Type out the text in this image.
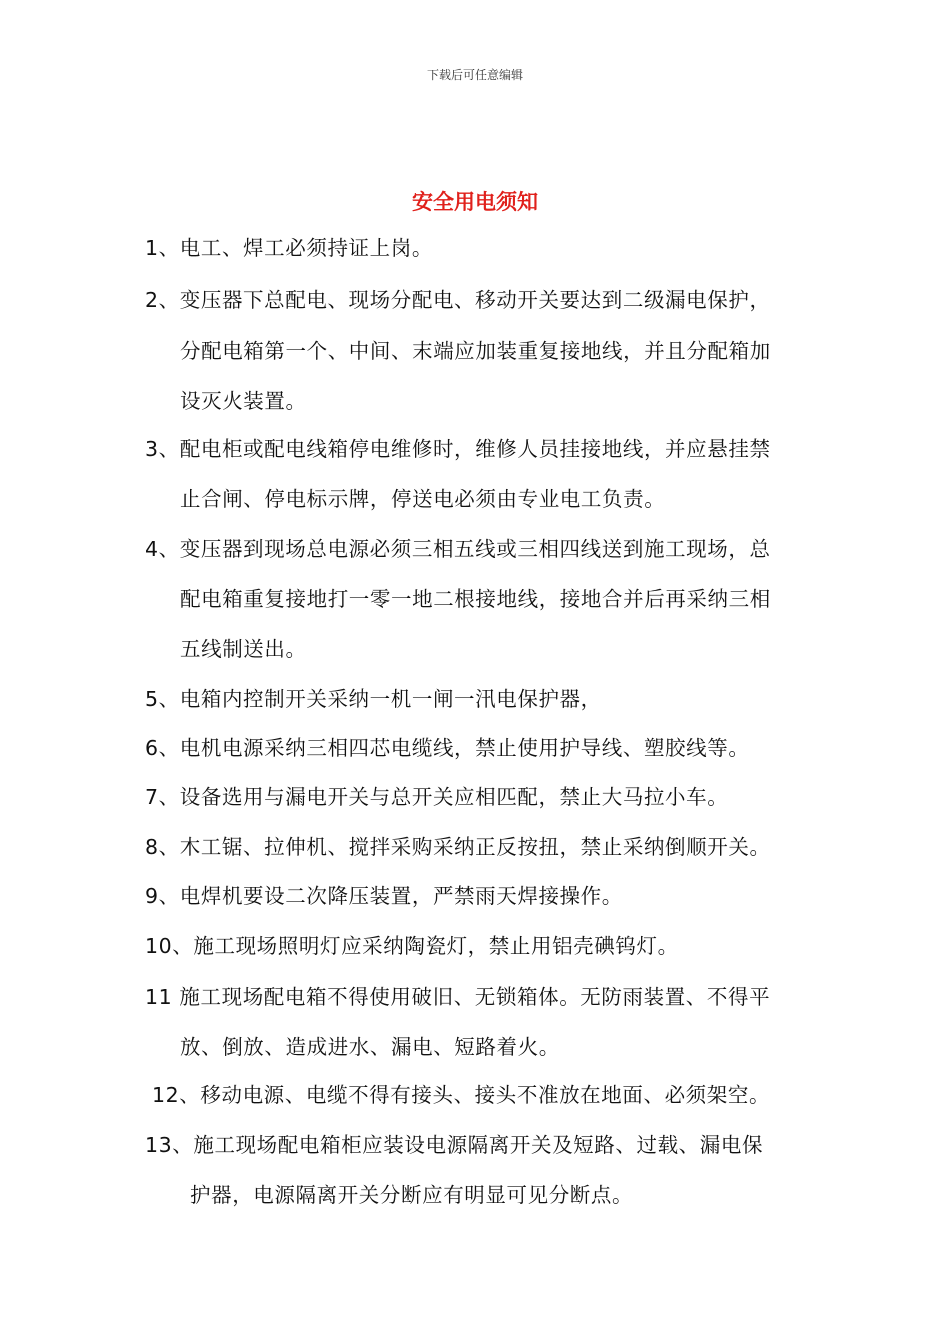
下载后可任意编辑
安全用电须知
1、电工、焊工必须持证上岗。
2、变压器下总配电、现场分配电、移动开关要达到二级漏电保护，
分配电箱第一个、中间、末端应加装重复接地线，并且分配箱加
设灭火装置。
3、配电柜或配电线箱停电维修时，维修人员挂接地线，并应悬挂禁
止合闸、停电标示牌，停送电必须由专业电工负责。
4、变压器到现场总电源必须三相五线或三相四线送到施工现场，总
配电箱重复接地打一零一地二根接地线，接地合并后再采纳三相
五线制送出。
5、电箱内控制开关采纳一机一闸一汛电保护器，
6、电机电源采纳三相四芯电缆线，禁止使用护导线、塑胶线等。
7、设备选用与漏电开关与总开关应相匹配，禁止大马拉小车。
8、木工锯、拉伸机、搅拌采购采纳正反按扭，禁止采纳倒顺开关。
9、电焊机要设二次降压装置，严禁雨天焊接操作。
10、施工现场照明灯应采纳陶瓷灯，禁止用铝壳碘钨灯。
11 施工现场配电箱不得使用破旧、无锁箱体。无防雨装置、不得平
放、倒放、造成进水、漏电、短路着火。
12、移动电源、电缆不得有接头、接头不准放在地面、必须架空。
13、施工现场配电箱柜应装设电源隔离开关及短路、过载、漏电保
护器，电源隔离开关分断应有明显可见分断点。
